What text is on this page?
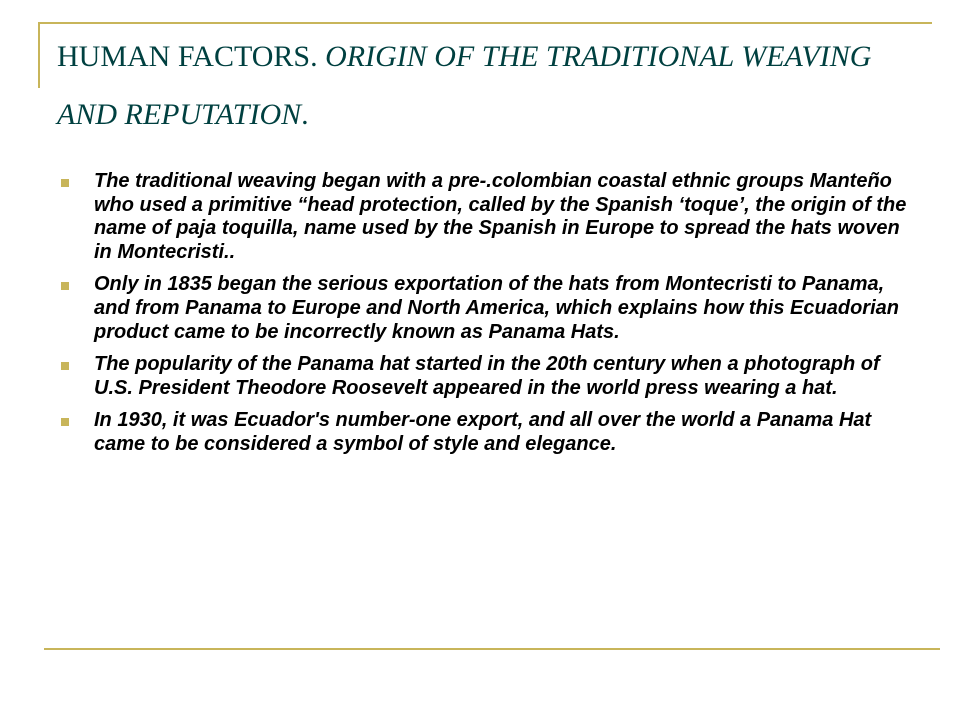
HUMAN FACTORS. ORIGIN OF THE TRADITIONAL WEAVING AND REPUTATION.
The traditional weaving began with a pre-.colombian coastal ethnic groups Manteño who used a primitive “head protection, called by the Spanish ‘toque’, the origin of the name of paja toquilla, name used by the Spanish in Europe to spread the hats woven in Montecristi..
Only in 1835 began the serious exportation of the hats from Montecristi to Panama, and from Panama to Europe and North America, which explains how this Ecuadorian product came to be incorrectly known as Panama Hats.
The popularity of the Panama hat started in the 20th century when a photograph of U.S. President Theodore Roosevelt appeared in the world press wearing a hat.
In 1930, it was Ecuador's number-one export, and all over the world a Panama Hat came to be considered a symbol of style and elegance.
